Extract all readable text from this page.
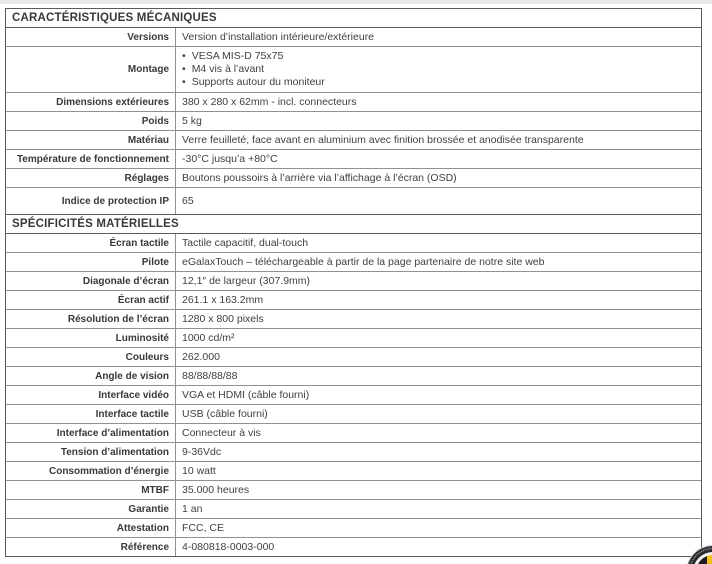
CARACTÉRISTIQUES MÉCANIQUES
Versions	Version d’installation intérieure/extérieure
Montage
• VESA MIS-D 75x75
• M4 vis à l’avant
• Supports autour du moniteur
Dimensions extérieures	380 x 280 x 62mm - incl. connecteurs
Poids	5 kg
Matériau	Verre feuilleté, face avant en aluminium avec finition brossée et anodisée transparente
Température de fonctionnement	-30°C jusqu’a +80°C
Réglages	Boutons poussoirs à l’arrière via l’affichage à l’écran (OSD)
Indice de protection IP	65
SPÉCIFICITÉS MATÉRIELLES
Écran tactile	Tactile capacitif, dual-touch
Pilote	eGalaxTouch – téléchargeable à partir de la page partenaire de notre site web
Diagonale d’écran	12,1″ de largeur (307.9mm)
Écran actif	261.1 x 163.2mm
Résolution de l’écran	1280 x 800 pixels
Luminosité	1000 cd/m²
Couleurs	262.000
Angle de vision	88/88/88/88
Interface vidéo	VGA et HDMI (câble fourni)
Interface tactile	USB (câble fourni)
Interface d’alimentation	Connecteur à vis
Tension d’alimentation	9-36Vdc
Consommation d’énergie	10 watt
MTBF	35.000 heures
Garantie	1 an
Attestation	FCC, CE
Référence	4-080818-0003-000
